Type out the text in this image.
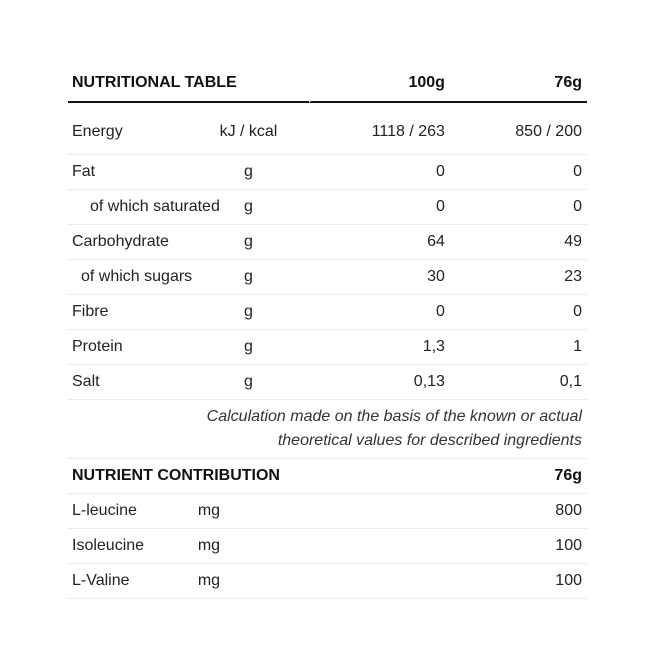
NUTRITIONAL TABLE		100g	76g
Energy	kJ / kcal	1118 / 263	850 / 200
Fat	g	0	0
of which saturated	g	0	0
Carbohydrate	g	64	49
of which sugars	g	30	23
Fibre	g	0	0
Protein	g	1,3	1
Salt	g	0,13	0,1

Calculation made on the basis of the known or actual theoretical values for described ingredients			
NUTRIENT CONTRIBUTION		76g
L-leucine	mg	800
Isoleucine	mg	100
L-Valine	mg	100
